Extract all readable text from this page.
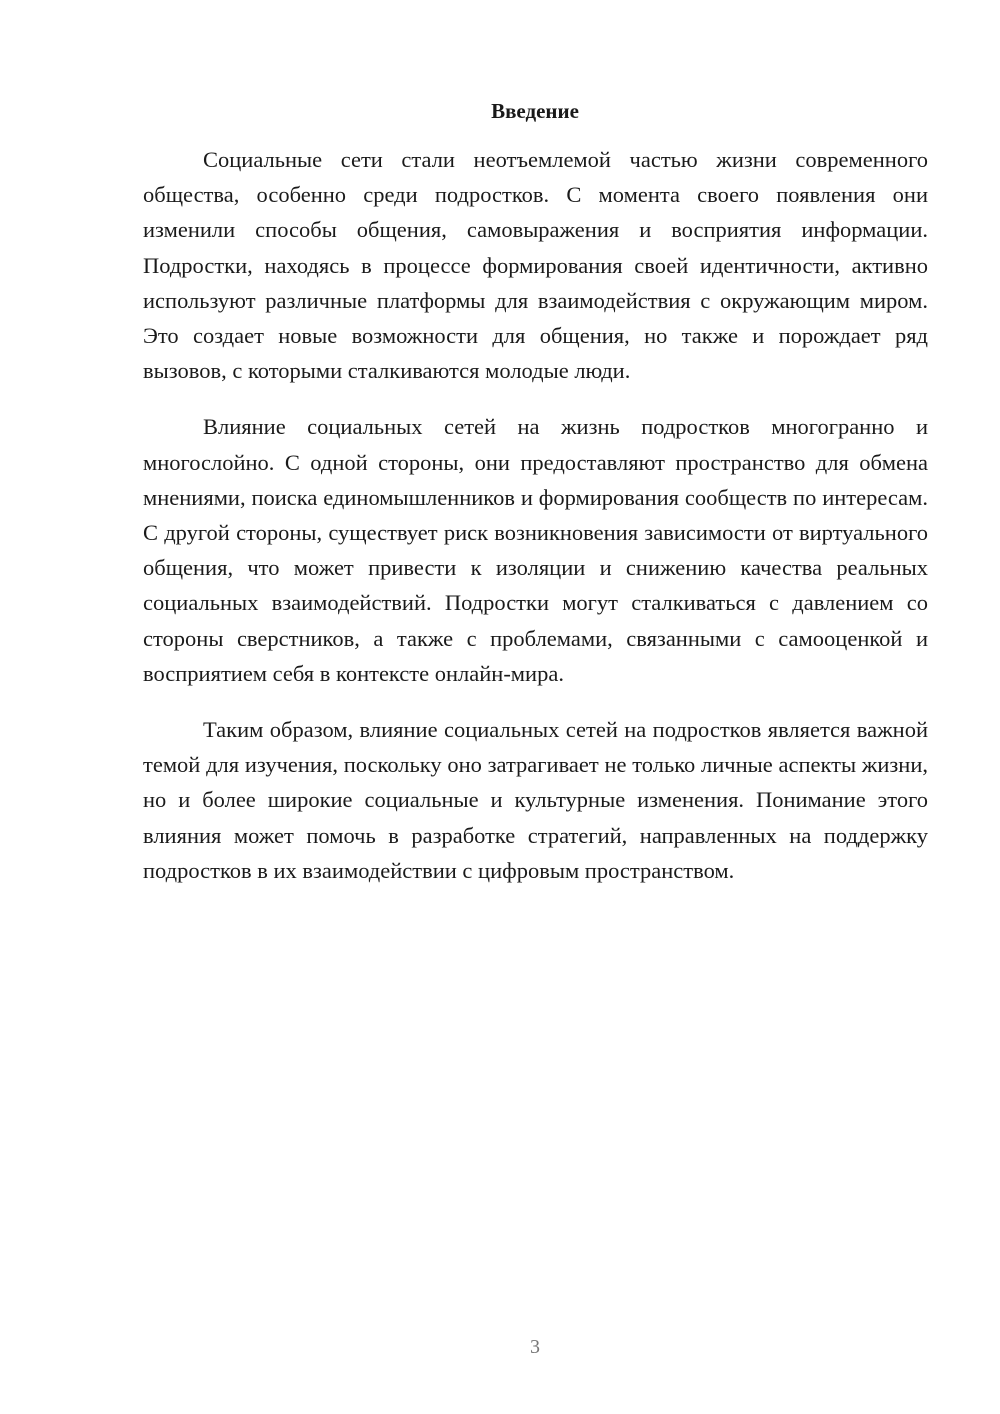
Введение

Социальные сети стали неотъемлемой частью жизни современного общества, особенно среди подростков. С момента своего появления они изменили способы общения, самовыражения и восприятия информации. Подростки, находясь в процессе формирования своей идентичности, активно используют различные платформы для взаимодействия с окружающим миром. Это создает новые возможности для общения, но также и порождает ряд вызовов, с которыми сталкиваются молодые люди.

Влияние социальных сетей на жизнь подростков многогранно и многослойно. С одной стороны, они предоставляют пространство для обмена мнениями, поиска единомышленников и формирования сообществ по интересам. С другой стороны, существует риск возникновения зависимости от виртуального общения, что может привести к изоляции и снижению качества реальных социальных взаимодействий. Подростки могут сталкиваться с давлением со стороны сверстников, а также с проблемами, связанными с самооценкой и восприятием себя в контексте онлайн-мира.

Таким образом, влияние социальных сетей на подростков является важной темой для изучения, поскольку оно затрагивает не только личные аспекты жизни, но и более широкие социальные и культурные изменения. Понимание этого влияния может помочь в разработке стратегий, направленных на поддержку подростков в их взаимодействии с цифровым пространством.

3
